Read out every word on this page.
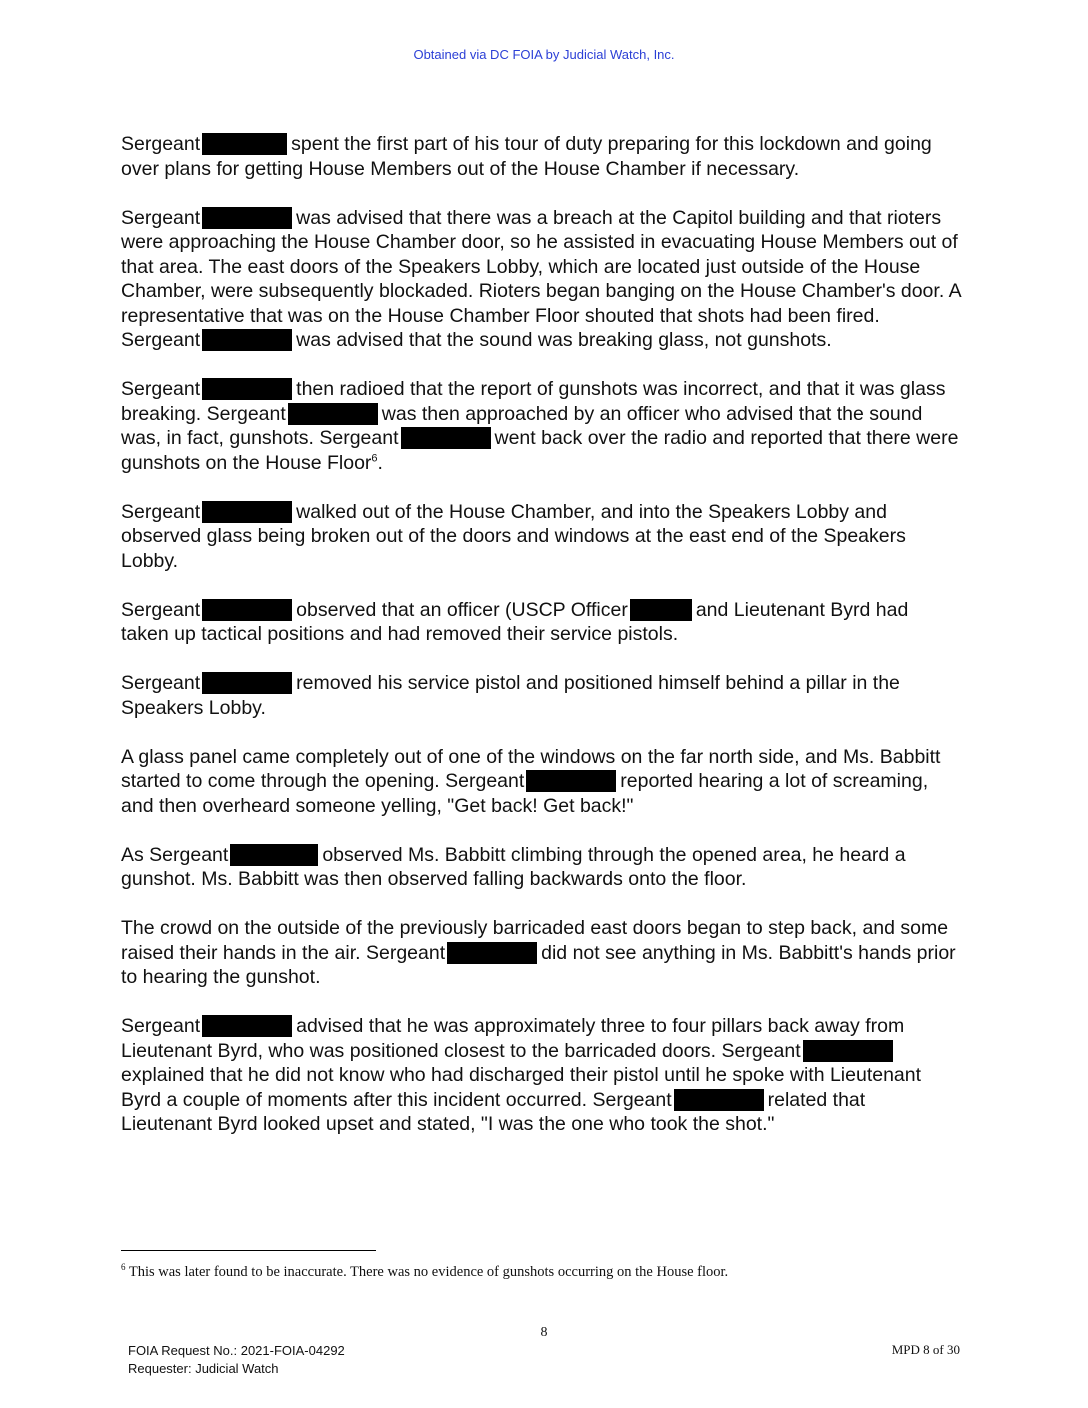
Obtained via DC FOIA by Judicial Watch, Inc.

Sergeant	spent the first part of his tour of duty preparing for this lockdown and going over plans for getting House Members out of the House Chamber if necessary.

Sergeant	was advised that there was a breach at the Capitol building and that rioters were approaching the House Chamber door, so he assisted in evacuating House Members out of that area. The east doors of the Speakers Lobby, which are located just outside of the House Chamber, were subsequently blockaded. Rioters began banging on the House Chamber's door. A representative that was on the House Chamber Floor shouted that shots had been fired. Sergeant	was advised that the sound was breaking glass, not gunshots.

Sergeant	then radioed that the report of gunshots was incorrect, and that it was glass breaking. Sergeant	was then approached by an officer who advised that the sound was, in fact, gunshots. Sergeant	went back over the radio and reported that there were gunshots on the House Floor$^6$.

Sergeant	walked out of the House Chamber, and into the Speakers Lobby and observed glass being broken out of the doors and windows at the east end of the Speakers Lobby.

Sergeant	observed that an officer (USCP Officer	and Lieutenant Byrd had taken up tactical positions and had removed their service pistols.

Sergeant	removed his service pistol and positioned himself behind a pillar in the Speakers Lobby.

A glass panel came completely out of one of the windows on the far north side, and Ms. Babbitt started to come through the opening. Sergeant	reported hearing a lot of screaming, and then overheard someone yelling, "Get back! Get back!"

As Sergeant	observed Ms. Babbitt climbing through the opened area, he heard a gunshot. Ms. Babbitt was then observed falling backwards onto the floor.

The crowd on the outside of the previously barricaded east doors began to step back, and some raised their hands in the air. Sergeant	did not see anything in Ms. Babbitt's hands prior to hearing the gunshot.

Sergeant	advised that he was approximately three to four pillars back away from Lieutenant Byrd, who was positioned closest to the barricaded doors. Sergeantexplained that he did not know who had discharged their pistol until he spoke with Lieutenant Byrd a couple of moments after this incident occurred. Sergeant	related that Lieutenant Byrd looked upset and stated, "I was the one who took the shot."

$^6$ This was later found to be inaccurate. There was no evidence of gunshots occurring on the House floor.
8
FOIA Request No.: 2021-FOIA-04292
Requester: Judicial Watch
MPD 8 of 30
